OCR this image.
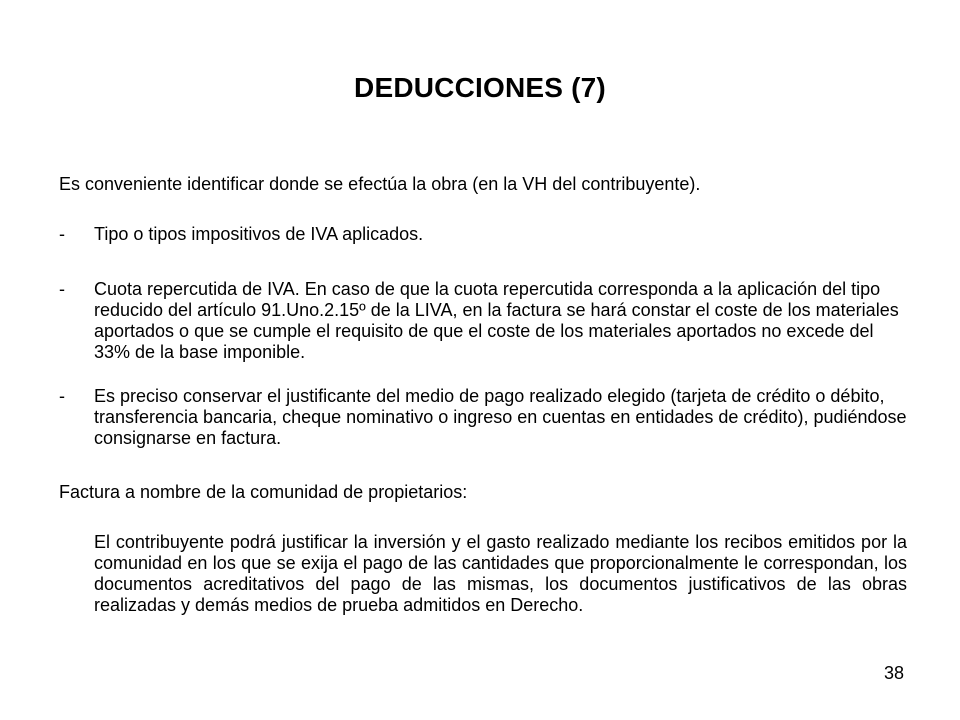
DEDUCCIONES (7)

Es conveniente identificar donde se efectúa la obra (en la VH del contribuyente).

-	Tipo o tipos impositivos de IVA aplicados.
-	Cuota repercutida de IVA. En caso de que la cuota repercutida corresponda a la aplicación del tipo reducido del artículo 91.Uno.2.15º de la LIVA, en la factura se hará constar el coste de los materiales aportados o que se cumple el requisito de que el coste de los materiales aportados no excede del 33% de la base imponible.
-	Es preciso conservar el justificante del medio de pago realizado elegido (tarjeta de crédito o débito, transferencia bancaria, cheque nominativo o ingreso en cuentas en entidades de crédito), pudiéndose consignarse en factura.

Factura a nombre de la comunidad de propietarios:

El contribuyente podrá justificar la inversión y el gasto realizado mediante los recibos emitidos por la comunidad en los que se exija el pago de las cantidades que proporcionalmente le correspondan, los documentos acreditativos del pago de las mismas, los documentos justificativos de las obras realizadas y demás medios de prueba admitidos en Derecho.

38
